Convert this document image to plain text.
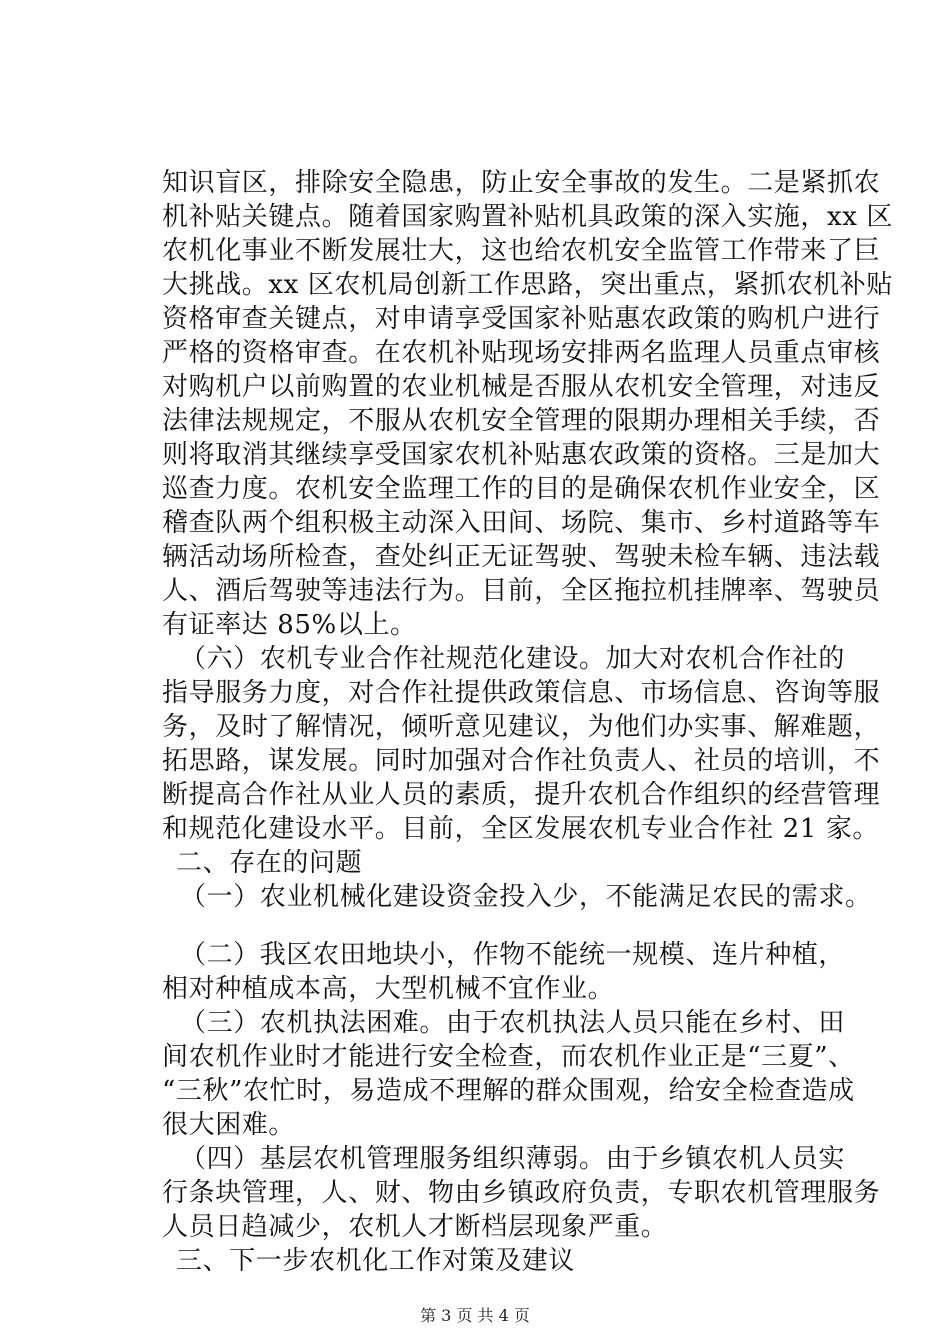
知识盲区，排除安全隐患，防止安全事故的发生。二是紧抓农
机补贴关键点。随着国家购置补贴机具政策的深入实施，xx 区
农机化事业不断发展壮大，这也给农机安全监管工作带来了巨
大挑战。xx 区农机局创新工作思路，突出重点，紧抓农机补贴
资格审查关键点，对申请享受国家补贴惠农政策的购机户进行
严格的资格审查。在农机补贴现场安排两名监理人员重点审核
对购机户以前购置的农业机械是否服从农机安全管理，对违反
法律法规规定，不服从农机安全管理的限期办理相关手续，否
则将取消其继续享受国家农机补贴惠农政策的资格。三是加大
巡查力度。农机安全监理工作的目的是确保农机作业安全，区
稽查队两个组积极主动深入田间、场院、集市、乡村道路等车
辆活动场所检查，查处纠正无证驾驶、驾驶未检车辆、违法载
人、酒后驾驶等违法行为。目前，全区拖拉机挂牌率、驾驶员
有证率达 85%以上。
（六）农机专业合作社规范化建设。加大对农机合作社的
指导服务力度，对合作社提供政策信息、市场信息、咨询等服
务，及时了解情况，倾听意见建议，为他们办实事、解难题，
拓思路，谋发展。同时加强对合作社负责人、社员的培训，不
断提高合作社从业人员的素质，提升农机合作组织的经营管理
和规范化建设水平。目前，全区发展农机专业合作社 21 家。
二、存在的问题
（一）农业机械化建设资金投入少，不能满足农民的需求。
（二）我区农田地块小，作物不能统一规模、连片种植，
相对种植成本高，大型机械不宜作业。
（三）农机执法困难。由于农机执法人员只能在乡村、田
间农机作业时才能进行安全检查，而农机作业正是“三夏”、
“三秋”农忙时，易造成不理解的群众围观，给安全检查造成
很大困难。
（四）基层农机管理服务组织薄弱。由于乡镇农机人员实
行条块管理，人、财、物由乡镇政府负责，专职农机管理服务
人员日趋减少，农机人才断档层现象严重。
三、下一步农机化工作对策及建议
第 3 页 共 4 页
